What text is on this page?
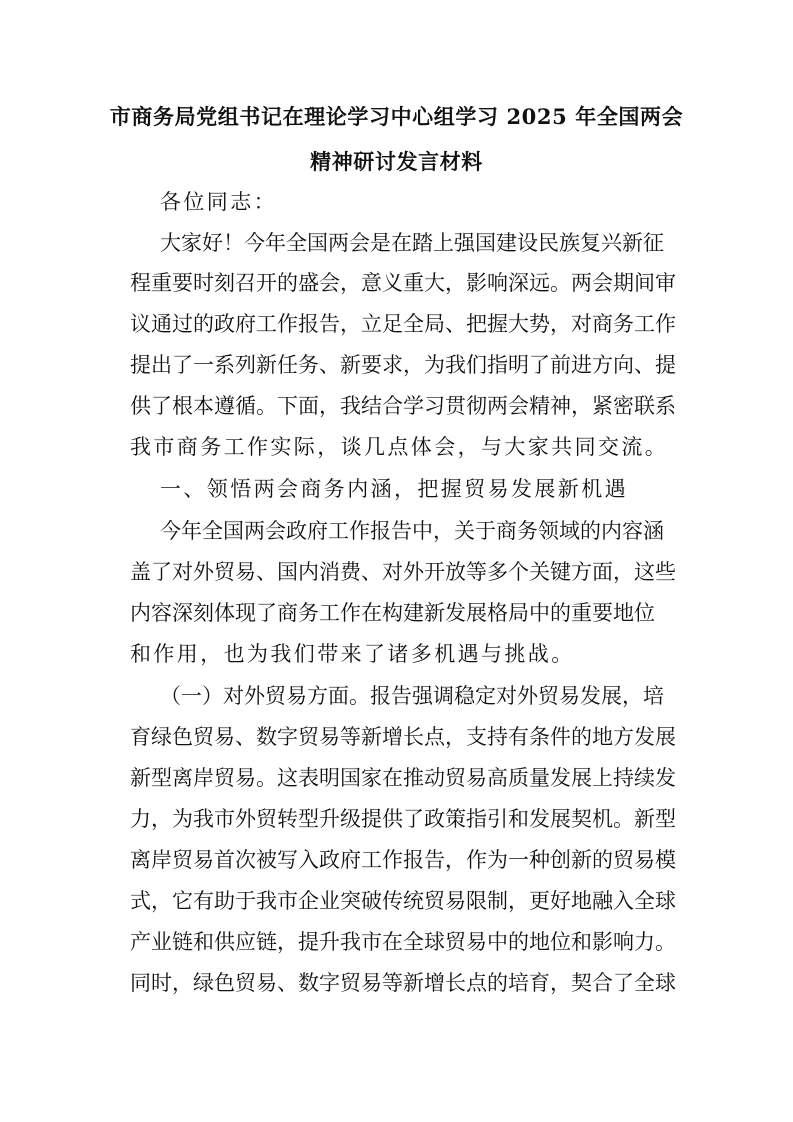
市商务局党组书记在理论学习中心组学习 2025 年全国两会
精神研讨发言材料
各位同志：
大家好！今年全国两会是在踏上强国建设民族复兴新征
程重要时刻召开的盛会，意义重大，影响深远。两会期间审
议通过的政府工作报告，立足全局、把握大势，对商务工作
提出了一系列新任务、新要求，为我们指明了前进方向、提
供了根本遵循。下面，我结合学习贯彻两会精神，紧密联系
我市商务工作实际，谈几点体会，与大家共同交流。
一、领悟两会商务内涵，把握贸易发展新机遇
今年全国两会政府工作报告中，关于商务领域的内容涵
盖了对外贸易、国内消费、对外开放等多个关键方面，这些
内容深刻体现了商务工作在构建新发展格局中的重要地位
和作用，也为我们带来了诸多机遇与挑战。
（一）对外贸易方面。报告强调稳定对外贸易发展，培
育绿色贸易、数字贸易等新增长点，支持有条件的地方发展
新型离岸贸易。这表明国家在推动贸易高质量发展上持续发
力，为我市外贸转型升级提供了政策指引和发展契机。新型
离岸贸易首次被写入政府工作报告，作为一种创新的贸易模
式，它有助于我市企业突破传统贸易限制，更好地融入全球
产业链和供应链，提升我市在全球贸易中的地位和影响力。
同时，绿色贸易、数字贸易等新增长点的培育，契合了全球
